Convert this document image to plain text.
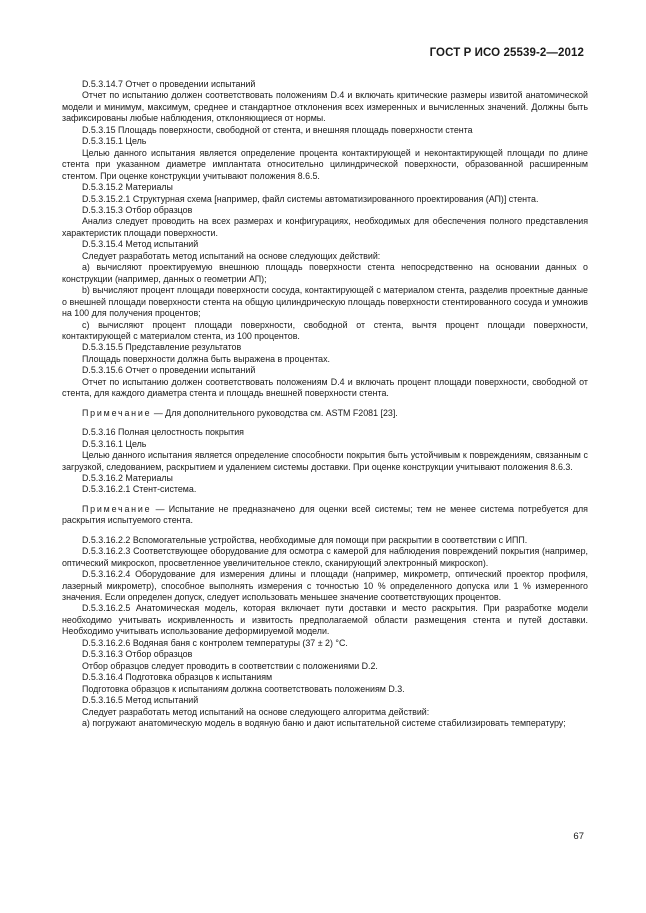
ГОСТ Р ИСО 25539-2—2012

D.5.3.14.7 Отчет о проведении испытаний

Отчет по испытанию должен соответствовать положениям D.4 и включать критические размеры извитой анатомической модели и минимум, максимум, среднее и стандартное отклонения всех измеренных и вычисленных значений. Должны быть зафиксированы любые наблюдения, отклоняющиеся от нормы.

D.5.3.15 Площадь поверхности, свободной от стента, и внешняя площадь поверхности стента

D.5.3.15.1 Цель

Целью данного испытания является определение процента контактирующей и неконтактирующей площади по длине стента при указанном диаметре имплантата относительно цилиндрической поверхности, образованной расширенным стентом. При оценке конструкции учитывают положения 8.6.5.

D.5.3.15.2 Материалы

D.5.3.15.2.1 Структурная схема [например, файл системы автоматизированного проектирования (АП)] стента.

D.5.3.15.3 Отбор образцов

Анализ следует проводить на всех размерах и конфигурациях, необходимых для обеспечения полного представления характеристик площади поверхности.

D.5.3.15.4 Метод испытаний

Следует разработать метод испытаний на основе следующих действий:

а) вычисляют проектируемую внешнюю площадь поверхности стента непосредственно на основании данных о конструкции (например, данных о геометрии АП);

b) вычисляют процент площади поверхности сосуда, контактирующей с материалом стента, разделив проектные данные о внешней площади поверхности стента на общую цилиндрическую площадь поверхности стентированного сосуда и умножив на 100 для получения процентов;

с) вычисляют процент площади поверхности, свободной от стента, вычтя процент площади поверхности, контактирующей с материалом стента, из 100 процентов.

D.5.3.15.5 Представление результатов

Площадь поверхности должна быть выражена в процентах.

D.5.3.15.6 Отчет о проведении испытаний

Отчет по испытанию должен соответствовать положениям D.4 и включать процент площади поверхности, свободной от стента, для каждого диаметра стента и площадь внешней поверхности стента.

Примечание — Для дополнительного руководства см. ASTM F2081 [23].

D.5.3.16 Полная целостность покрытия

D.5.3.16.1 Цель

Целью данного испытания является определение способности покрытия быть устойчивым к повреждениям, связанным с загрузкой, следованием, раскрытием и удалением системы доставки. При оценке конструкции учитывают положения 8.6.3.

D.5.3.16.2 Материалы

D.5.3.16.2.1 Стент-система.

Примечание — Испытание не предназначено для оценки всей системы; тем не менее система потребуется для раскрытия испытуемого стента.

D.5.3.16.2.2 Вспомогательные устройства, необходимые для помощи при раскрытии в соответствии с ИПП.

D.5.3.16.2.3 Соответствующее оборудование для осмотра с камерой для наблюдения повреждений покрытия (например, оптический микроскоп, просветленное увеличительное стекло, сканирующий электронный микроскоп).

D.5.3.16.2.4 Оборудование для измерения длины и площади (например, микрометр, оптический проектор профиля, лазерный микрометр), способное выполнять измерения с точностью 10 % определенного допуска или 1 % измеренного значения. Если определен допуск, следует использовать меньшее значение соответствующих процентов.

D.5.3.16.2.5 Анатомическая модель, которая включает пути доставки и место раскрытия. При разработке модели необходимо учитывать искривленность и извитость предполагаемой области размещения стента и путей доставки. Необходимо учитывать использование деформируемой модели.

D.5.3.16.2.6 Водяная баня с контролем температуры (37 ± 2) °С.

D.5.3.16.3 Отбор образцов

Отбор образцов следует проводить в соответствии с положениями D.2.

D.5.3.16.4 Подготовка образцов к испытаниям

Подготовка образцов к испытаниям должна соответствовать положениям D.3.

D.5.3.16.5 Метод испытаний

Следует разработать метод испытаний на основе следующего алгоритма действий:

а) погружают анатомическую модель в водяную баню и дают испытательной системе стабилизировать температуру;

67
